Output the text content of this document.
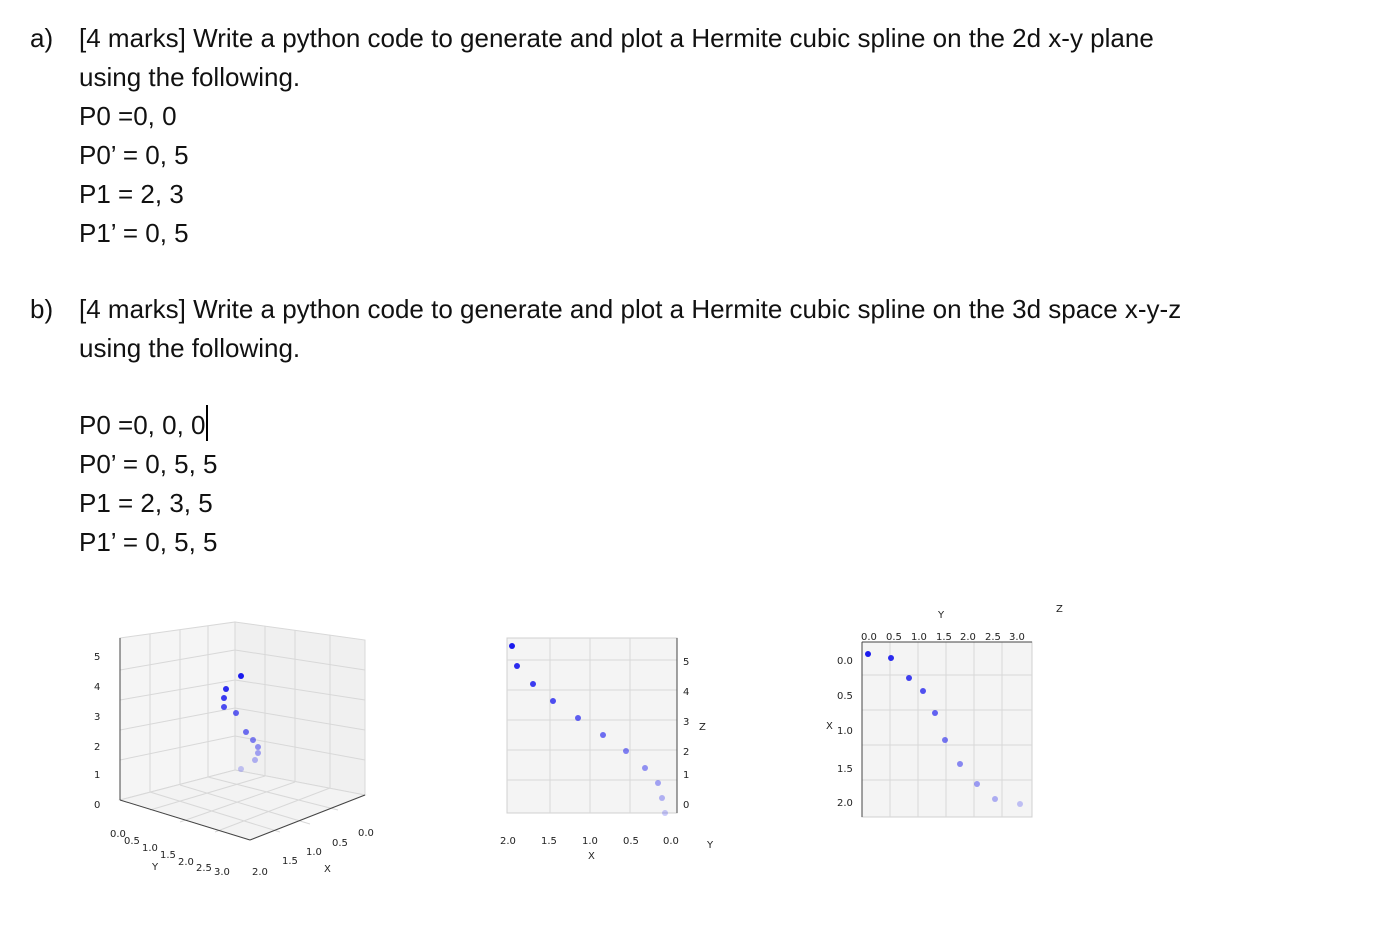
a) [4 marks] Write a python code to generate and plot a Hermite cubic spline on the 2d x-y plane
using the following.
P0 =0, 0
P0’ = 0, 5
P1 = 2, 3
P1’ = 0, 5
b) [4 marks] Write a python code to generate and plot a Hermite cubic spline on the 3d space x-y-z
using the following.
P0 =0, 0, 0
P0’ = 0, 5, 5
P1 = 2, 3, 5
P1’ = 0, 5, 5
5
4
3
2
1
0
0.0
0.5
1.0
1.5
2.0
2.5 3.0
Y	2.0
1.5
1.0
0.5
0.0
X
5
4
3
2
1
0
Z
2.0	1.5	1.0	0.5 0.0
X
Y
Y
0.0 0.5 1.0 1.5 2.0 2.5 3.0
Z
0.0
0.5
X 1.0
1.5
2.0
